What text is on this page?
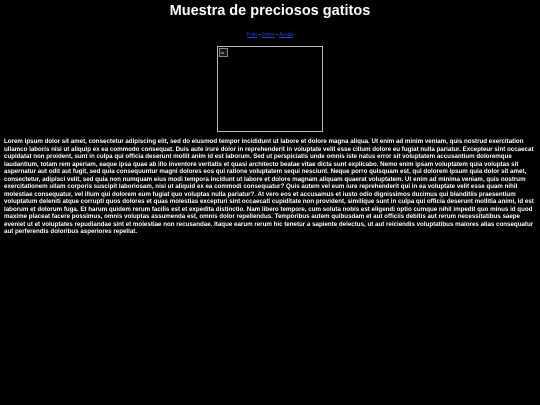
Muestra de preciosos gatitos
Foto - Sobre - Ayuda

Lorem ipsum dolor sit amet, consectetur adipiscing elit, sed do eiusmod tempor incididunt ut labore et dolore magna aliqua. Ut enim ad minim veniam, quis nostrud exercitation ullamco laboris nisi ut aliquip ex ea commodo consequat. Duis aute irure dolor in reprehenderit in voluptate velit esse cillum dolore eu fugiat nulla pariatur. Excepteur sint occaecat cupidatat non proident, sunt in culpa qui officia deserunt mollit anim id est laborum. Sed ut perspiciatis unde omnis iste natus error sit voluptatem accusantium doloremque laudantium, totam rem aperiam, eaque ipsa quae ab illo inventore veritatis et quasi architecto beatae vitae dicta sunt explicabo. Nemo enim ipsam voluptatem quia voluptas sit aspernatur aut odit aut fugit, sed quia consequuntur magni dolores eos qui ratione voluptatem sequi nesciunt. Neque porro quisquam est, qui dolorem ipsum quia dolor sit amet, consectetur, adipisci velit, sed quia non numquam eius modi tempora incidunt ut labore et dolore magnam aliquam quaerat voluptatem. Ut enim ad minima veniam, quis nostrum exercitationem ullam corporis suscipit laboriosam, nisi ut aliquid ex ea commodi consequatur? Quis autem vel eum iure reprehenderit qui in ea voluptate velit esse quam nihil molestiae consequatur, vel illum qui dolorem eum fugiat quo voluptas nulla pariatur?. At vero eos et accusamus et iusto odio dignissimos ducimus qui blanditiis praesentium voluptatum deleniti atque corrupti quos dolores et quas molestias excepturi sint occaecati cupiditate non provident, similique sunt in culpa qui officia deserunt mollitia animi, id est laborum et dolorum fuga. Et harum quidem rerum facilis est et expedita distinctio. Nam libero tempore, cum soluta nobis est eligendi optio cumque nihil impedit quo minus id quod maxime placeat facere possimus, omnis voluptas assumenda est, omnis dolor repellendus. Temporibus autem quibusdam et aut officiis debitis aut rerum necessitatibus saepe eveniet ut et voluptates repudiandae sint et molestiae non recusandae. Itaque earum rerum hic tenetur a sapiente delectus, ut aut reiciendis voluptatibus maiores alias consequatur aut perferendis doloribus asperiores repellat.
